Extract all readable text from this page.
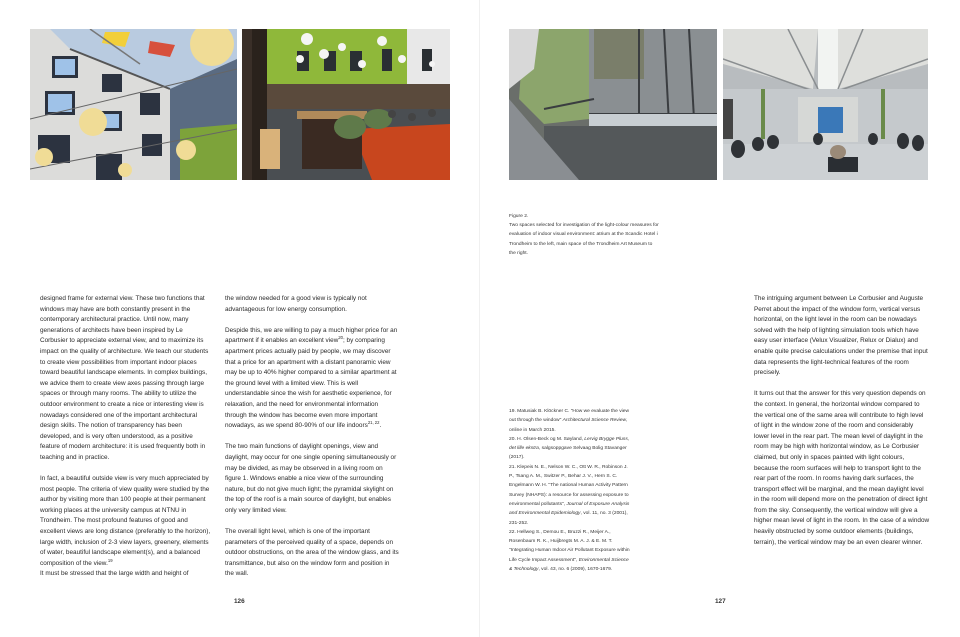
designed frame for external view. These two functions that windows may have are both constantly present in the contemporary architectural practice. Until now, many generations of architects have been inspired by Le Corbusier to appreciate external view, and to maximize its impact on the quality of architecture. We teach our students to create view possibilities from important indoor places toward beautiful landscape elements. In complex buildings, we advice them to create view axes passing through large spaces or through many rooms. The ability to utilize the outdoor environment to create a nice or interesting view is nowadays considered one of the important architectural design skills. The notion of transparency has been developed, and is very often understood, as a positive feature of modern architecture: it is used frequently both in teaching and in practice.

In fact, a beautiful outside view is very much appreciated by most people. The criteria of view quality were studied by the author by visiting more than 100 people at their permanent working places at the university campus at NTNU in Trondheim. The most profound features of good and excellent views are long distance (preferably to the horizon), large width, inclusion of 2-3 view layers, greenery, elements of water, beautiful landscape element(s), and a balanced composition of the view.$^{19}$
It must be stressed that the large width and height of

the window needed for a good view is typically not advantageous for low energy consumption.

Despide this, we are willing to pay a much higher price for an apartment if it enables an excellent view$^{20}$; by comparing apartment prices actually paid by people, we may discover that a price for an apartment with a distant panoramic view may be up to 40% higher compared to a similar apartment at the ground level with a limited view. This is well understandable since the wish for aesthetic experience, for relaxation, and the need for environmental information through the window has become even more important nowadays, as we spend 80-90% of our life indoors$^{21, 22}$.

The two main functions of daylight openings, view and daylight, may occur for one single opening simultaneously or may be divided, as may be observed in a living room on figure 1. Windows enable a nice view of the surrounding nature, but do not give much light; the pyramidal skylight on the top of the roof is a main source of daylight, but enables only very limited view.

The overall light level, which is one of the important parameters of the perceived quality of a space, depends on outdoor obstructions, on the area of the window glass, and its transmittance, but also on the window form and position in the wall.

126
Figure 2.
Two spaces selected for investigation of the light-colour measures for evaluation of indoor visual environment: atrium at the Scandic Hotel i Trondheim to the left, main space of the Trondheim Art Museum to the right.
19. Matusiak B. Klöckner C. "How we evaluate the view out through the window" Architectural Science Review, online in March 2015.
20. H. Olsen-Beck og M. Søyland, Lervig Brygge Pluss, det lille ekstra, salgsoppgave Selvaag Bolig Stavanger (2017).
21. Klepeis N. E., Nelson W. C., Ott W. R., Robinson J. P., Tsang A. M., Switzer P., Behar J. V., Hern S. C. Engelmann W. H. "The national Human Activity Pattern Survey (NHAPS): a resource for assessing exposure to environmental pollutants", Journal of Exposure Analysis and Environmental Epidemiology, vol. 11, no. 3 (2001), 231-252.
22. Hellweg S., Demou E., Bruzzi R., Meijer A., Rosenbaum R. K., Huijbregts M. A. J. & E. M. T. "Integrating Human Indoor Air Pollutant Exposure within Life Cycle Impact Assessment", Environmental Science & Technology, vol. 43, no. 6 (2009), 1670-1679.

The intriguing argument between Le Corbusier and Auguste Perret about the impact of the window form, vertical versus horizontal, on the light level in the room can be nowadays solved with the help of lighting simulation tools which have easy user interface (Velux Visualizer, Relux or Dialux) and enable quite precise calculations under the premise that input data represents the light-technical features of the room precisely.

It turns out that the answer for this very question depends on the context. In general, the horizontal window compared to the vertical one of the same area will contribute to high level of light in the window zone of the room and considerably lower level in the rear part. The mean level of daylight in the room may be high with horizontal window, as Le Corbusier claimed, but only in spaces painted with light colours, because the room surfaces will help to transport light to the rear part of the room. In rooms having dark surfaces, the transport effect will be marginal, and the mean daylight level in the room will depend more on the penetration of direct light from the sky. Consequently, the vertical window will give a higher mean level of light in the room. In the case of a window heavily obstructed by some outdoor elements (buildings, terrain), the vertical window may be an even clearer winner.

127
